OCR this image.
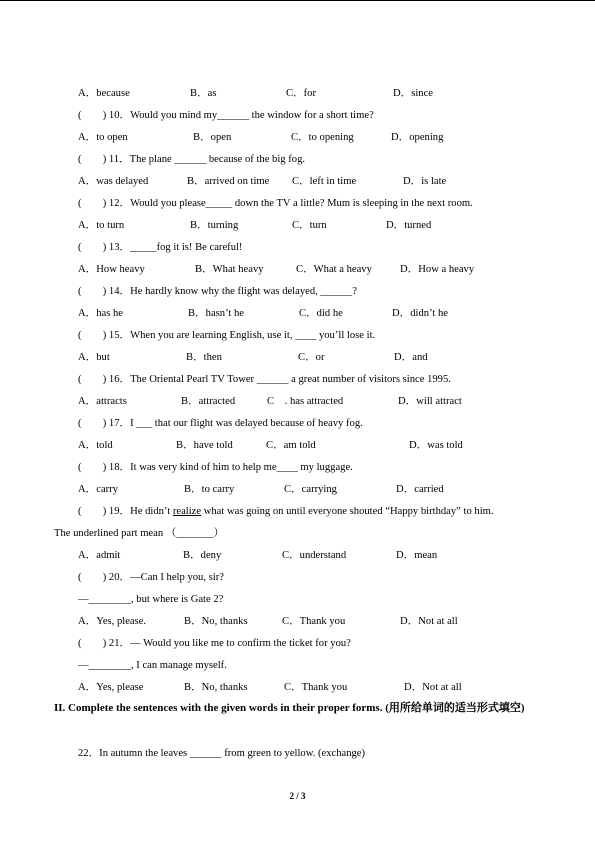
A．because	B．as	C．for	D．since
(　　) 10．Would you mind my______ the window for a short time?
A．to open	B．open	C．to opening	D．opening
(　　) 11．The plane ______ because of the big fog.
A．was delayed	B．arrived on time C．left in time	D．is late
(　　) 12．Would you please_____ down the TV a little? Mum is sleeping in the next room.
A．to turn	B．turning	C．turn	D．turned
(　　) 13．_____fog it is! Be careful!
A．How heavy	B．What heavy	C．What a heavy	D．How a heavy
(　　) 14．He hardly know why the flight was delayed, ______?
A．has he	B．hasn’t he	C．did he	D．didn’t he
(　　) 15．When you are learning English, use it, ____ you’ll lose it.
A．but	B．then	C．or	D．and
(　　) 16．The Oriental Pearl TV Tower ______ a great number of visitors since 1995.
A．attracts	B．attracted	C　. has attracted	D．will attract
(　　) 17．I ___ that our flight was delayed because of heavy fog.
A．told	B．have told	C．am told	D．was told
(　　) 18．It was very kind of him to help me____ my luggage.
A．carry	B．to carry	C．carrying	D．carried
(　　) 19．He didn’t realize what was going on until everyone shouted “Happy birthday” to him.
The underlined part mean （_______）
A．admit	B．deny	C．understand	D．mean
(　　) 20．—Can I help you, sir?
—________, but where is Gate 2?
A．Yes, please.	B．No, thanks	C．Thank you	D．Not at all
(　　) 21．— Would you like me to confirm the ticket for you?
—________, I can manage myself.
A．Yes, please	B．No, thanks	C．Thank you	D．Not at all
II. Complete the sentences with the given words in their proper forms. (用所给单词的适当形式填空)
22．In autumn the leaves ______ from green to yellow. (exchange)
2 / 3
